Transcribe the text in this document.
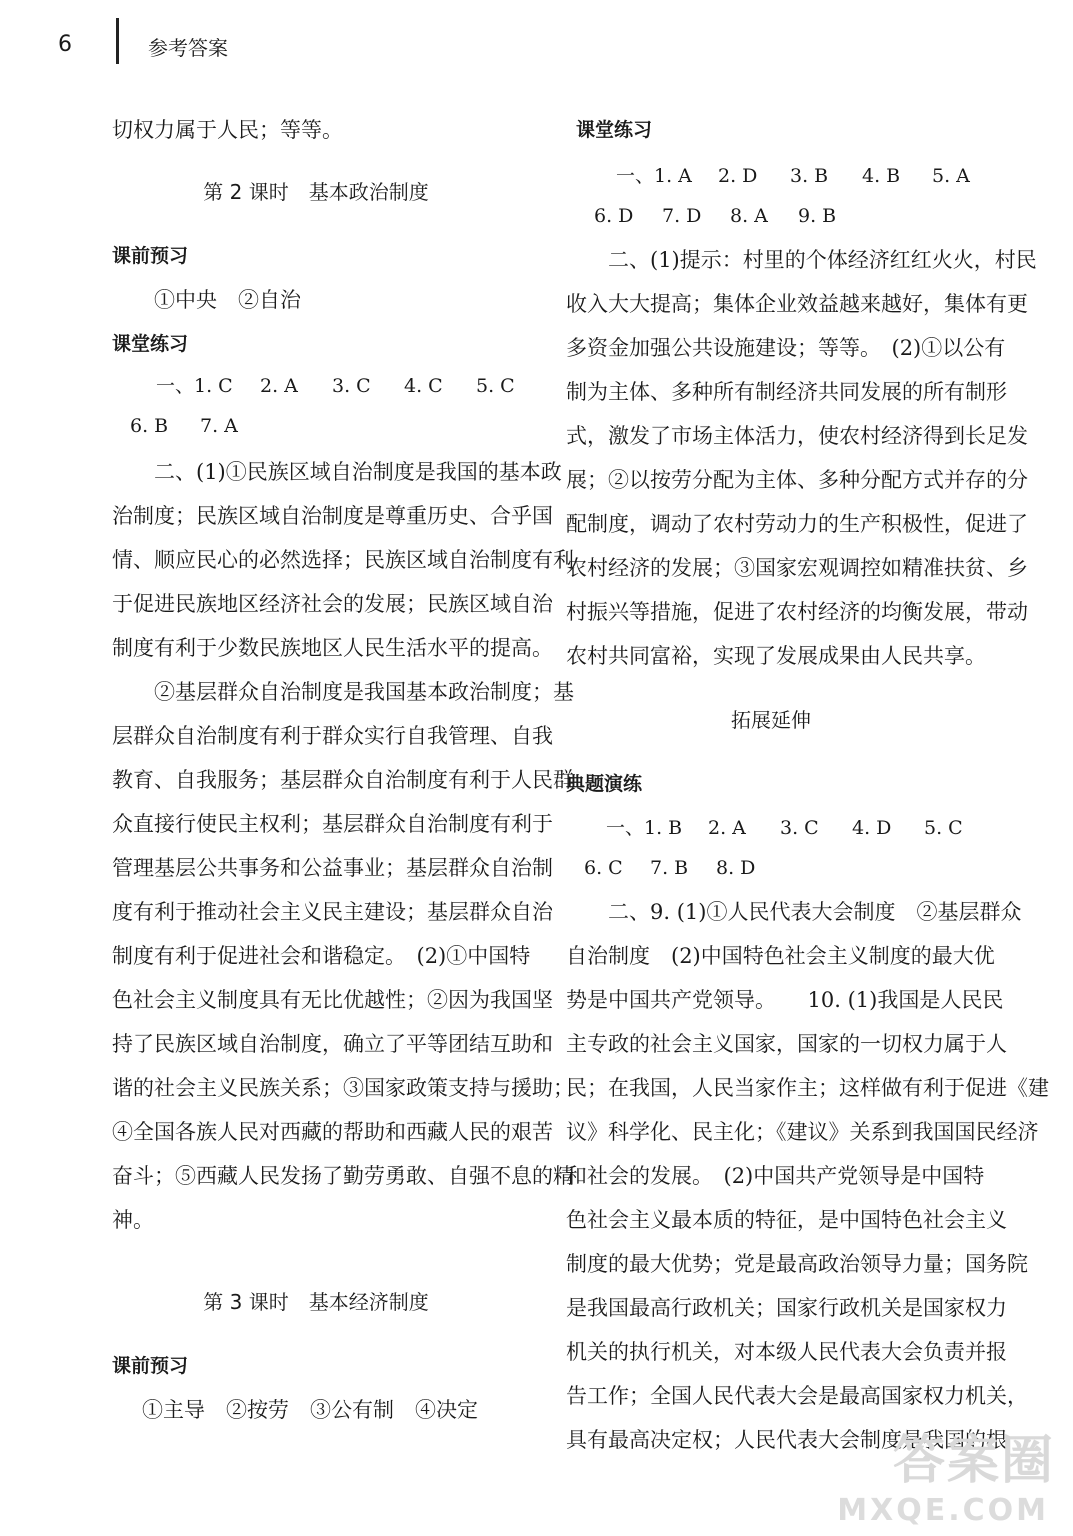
6	参考答案
切权力属于人民；等等。
第 2 课时　基本政治制度
课前预习
①中央　②自治
课堂练习
一、1. C 2. A 3. C 4. C 5. C
6. B 7. A
二、(1)①民族区域自治制度是我国的基本政
治制度；民族区域自治制度是尊重历史、合乎国
情、顺应民心的必然选择；民族区域自治制度有利
于促进民族地区经济社会的发展；民族区域自治
制度有利于少数民族地区人民生活水平的提高。
②基层群众自治制度是我国基本政治制度；基
层群众自治制度有利于群众实行自我管理、自我
教育、自我服务；基层群众自治制度有利于人民群
众直接行使民主权利；基层群众自治制度有利于
管理基层公共事务和公益事业；基层群众自治制
度有利于推动社会主义民主建设；基层群众自治
制度有利于促进社会和谐稳定。　(2)①中国特
色社会主义制度具有无比优越性；②因为我国坚
持了民族区域自治制度，确立了平等团结互助和
谐的社会主义民族关系；③国家政策支持与援助；
④全国各族人民对西藏的帮助和西藏人民的艰苦
奋斗；⑤西藏人民发扬了勤劳勇敢、自强不息的精
神。
第 3 课时　基本经济制度
课前预习
①主导　②按劳　③公有制　④决定
课堂练习
一、1. A 2. D 3. B 4. B 5. A
6. D 7. D 8. A 9. B
二、(1)提示：村里的个体经济红红火火，村民
收入大大提高；集体企业效益越来越好，集体有更
多资金加强公共设施建设；等等。　(2)①以公有
制为主体、多种所有制经济共同发展的所有制形
式，激发了市场主体活力，使农村经济得到长足发
展；②以按劳分配为主体、多种分配方式并存的分
配制度，调动了农村劳动力的生产积极性，促进了
农村经济的发展；③国家宏观调控如精准扶贫、乡
村振兴等措施，促进了农村经济的均衡发展，带动
农村共同富裕，实现了发展成果由人民共享。
拓展延伸
典题演练
一、1. B 2. A 3. C 4. D 5. C
6. C 7. B 8. D
二、9. (1)①人民代表大会制度　②基层群众
自治制度　(2)中国特色社会主义制度的最大优
势是中国共产党领导。　　10. (1)我国是人民民
主专政的社会主义国家，国家的一切权力属于人
民；在我国，人民当家作主；这样做有利于促进《建
议》科学化、民主化；《建议》关系到我国国民经济
和社会的发展。　(2)中国共产党领导是中国特
色社会主义最本质的特征，是中国特色社会主义
制度的最大优势；党是最高政治领导力量；国务院
是我国最高行政机关；国家行政机关是国家权力
机关的执行机关，对本级人民代表大会负责并报
告工作；全国人民代表大会是最高国家权力机关，
具有最高决定权；人民代表大会制度是我国的根
答案圈
MXQE.COM
